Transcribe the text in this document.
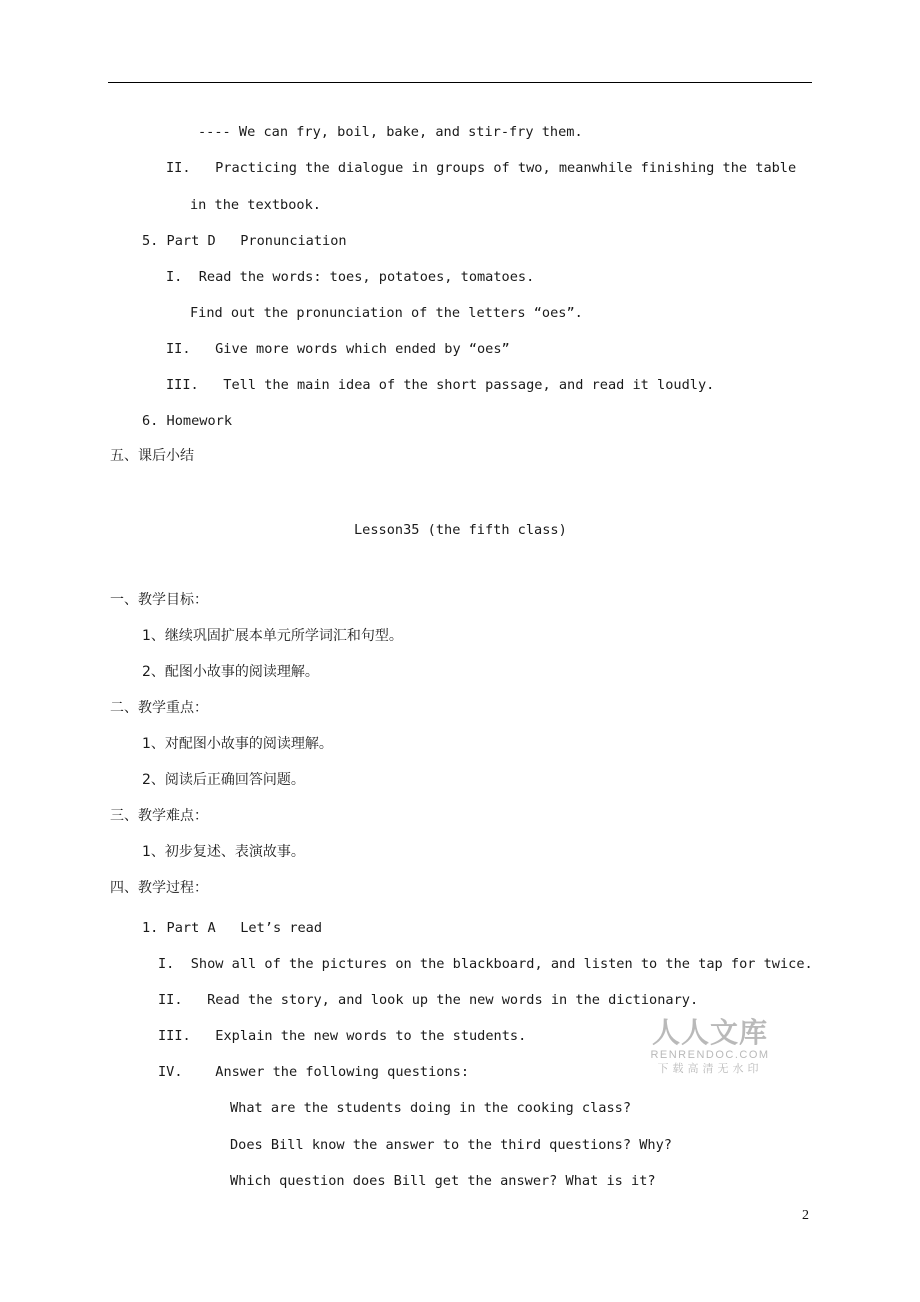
---- We can fry, boil, bake, and stir-fry them.
II.   Practicing the dialogue in groups of two, meanwhile finishing the table
in the textbook.
5. Part D   Pronunciation
I.  Read the words: toes, potatoes, tomatoes.
Find out the pronunciation of the letters “oes”.
II.   Give more words which ended by “oes”
III.   Tell the main idea of the short passage, and read it loudly.
6. Homework
五、课后小结
Lesson35 (the fifth class)
一、教学目标：
1、继续巩固扩展本单元所学词汇和句型。
2、配图小故事的阅读理解。
二、教学重点：
1、对配图小故事的阅读理解。
2、阅读后正确回答问题。
三、教学难点：
1、初步复述、表演故事。
四、教学过程：
1. Part A   Let’s read
I.  Show all of the pictures on the blackboard, and listen to the tap for twice.
II.   Read the story, and look up the new words in the dictionary.
III.   Explain the new words to the students.
IV.    Answer the following questions:
What are the students doing in the cooking class?
Does Bill know the answer to the third questions? Why?
Which question does Bill get the answer? What is it?
人人文库
RENRENDOC.COM
下载高清无水印
2
